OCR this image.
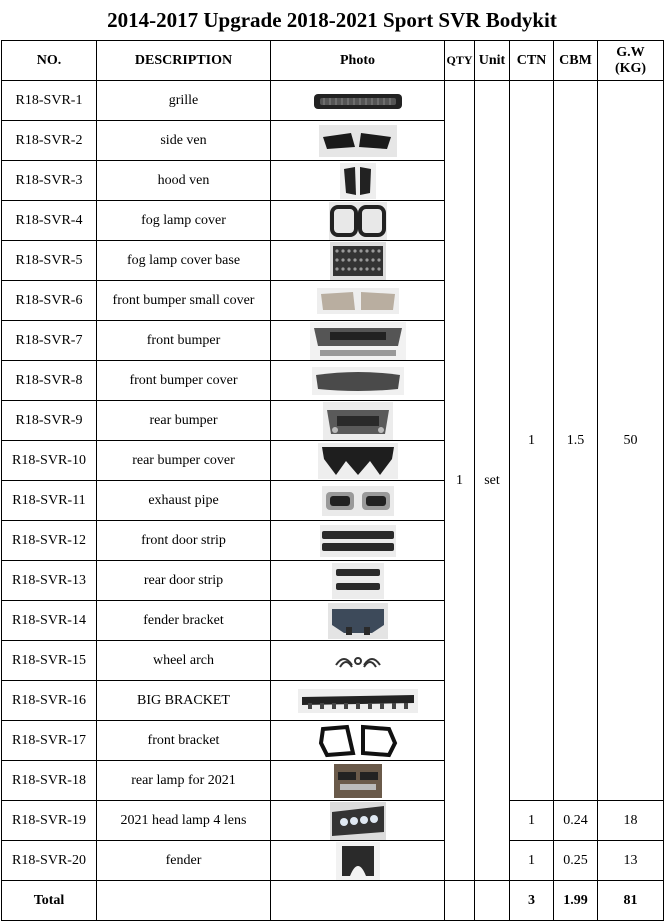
2014-2017 Upgrade 2018-2021 Sport SVR Bodykit
NO.	DESCRIPTION	Photo	QTY	Unit	CTN	CBM	G.W
(KG)
R18-SVR-1	grille		1	set	1	1.5	50
R18-SVR-2	side ven	

R18-SVR-3	hood ven	

R18-SVR-4	fog lamp cover	

R18-SVR-5	fog lamp cover base	

R18-SVR-6	front bumper small cover	

R18-SVR-7	front bumper	

R18-SVR-8	front bumper cover	

R18-SVR-9	rear bumper	

R18-SVR-10	rear bumper cover	

R18-SVR-11	exhaust pipe	

R18-SVR-12	front door strip	

R18-SVR-13	rear door strip	

R18-SVR-14	fender bracket	

R18-SVR-15	wheel arch	

R18-SVR-16	BIG BRACKET	

R18-SVR-17	front bracket	

R18-SVR-18	rear lamp for 2021	

R18-SVR-19	2021 head lamp 4 lens				1	0.24	18
R18-SVR-20	fender				1	0.25	13
Total					3	1.99	81
